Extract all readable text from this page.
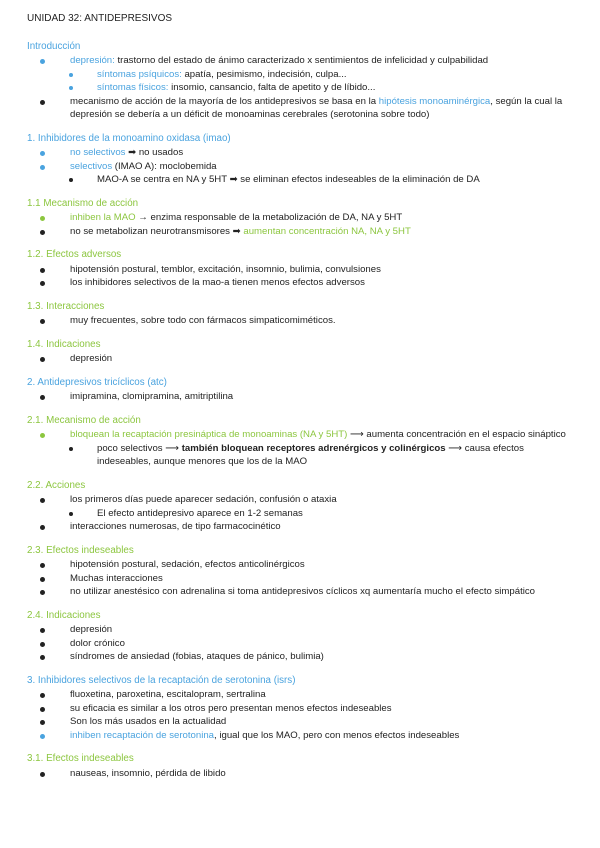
UNIDAD 32: ANTIDEPRESIVOS
Introducción
depresión: trastorno del estado de ánimo caracterizado x sentimientos de infelicidad y culpabilidad
síntomas psíquicos: apatía, pesimismo, indecisión, culpa...
síntomas físicos: insomio, cansancio, falta de apetito y de líbido...
mecanismo de acción de la mayoría de los antidepresivos se basa en la hipótesis monoaminérgica, según la cual la depresión se debería a un déficit de monoaminas cerebrales (serotonina sobre todo)
1. Inhibidores de la monoamino oxidasa (imao)
no selectivos ➡ no usados
selectivos (IMAO A): moclobemida
MAO-A se centra en NA y 5HT ➡ se eliminan efectos indeseables de la eliminación de DA
1.1 Mecanismo de acción
inhiben la MAO → enzima responsable de la metabolización de DA, NA y 5HT
no se metabolizan neurotransmisores ➡ aumentan concentración NA, NA y 5HT
1.2. Efectos adversos
hipotensión postural, temblor, excitación, insomnio, bulimia, convulsiones
los inhibidores selectivos de la mao-a tienen menos efectos adversos
1.3. Interacciones
muy frecuentes, sobre todo con fármacos simpaticomiméticos.
1.4. Indicaciones
depresión
2. Antidepresivos tricíclicos (atc)
imipramina, clomipramina, amitriptilina
2.1. Mecanismo de acción
bloquean la recaptación presináptica de monoaminas (NA y 5HT) ⟶ aumenta concentración en el espacio sináptico
poco selectivos ⟶ también bloquean receptores adrenérgicos y colinérgicos ⟶ causa efectos indeseables, aunque menores que los de la MAO
2.2. Acciones
los primeros días puede aparecer sedación, confusión o ataxia
El efecto antidepresivo aparece en 1-2 semanas
interacciones numerosas, de tipo farmacocinético
2.3. Efectos indeseables
hipotensión postural, sedación, efectos anticolinérgicos
Muchas interacciones
no utilizar anestésico con adrenalina si toma antidepresivos cíclicos xq aumentaría mucho el efecto simpático
2.4. Indicaciones
depresión
dolor crónico
síndromes de ansiedad (fobias, ataques de pánico, bulimia)
3. Inhibidores selectivos de la recaptación de serotonina (isrs)
fluoxetina, paroxetina, escitalopram, sertralina
su eficacia es similar a los otros pero presentan menos efectos indeseables
Son los más usados en la actualidad
inhiben recaptación de serotonina, igual que los MAO, pero con menos efectos indeseables
3.1. Efectos indeseables
nauseas, insomnio, pérdida de libido
